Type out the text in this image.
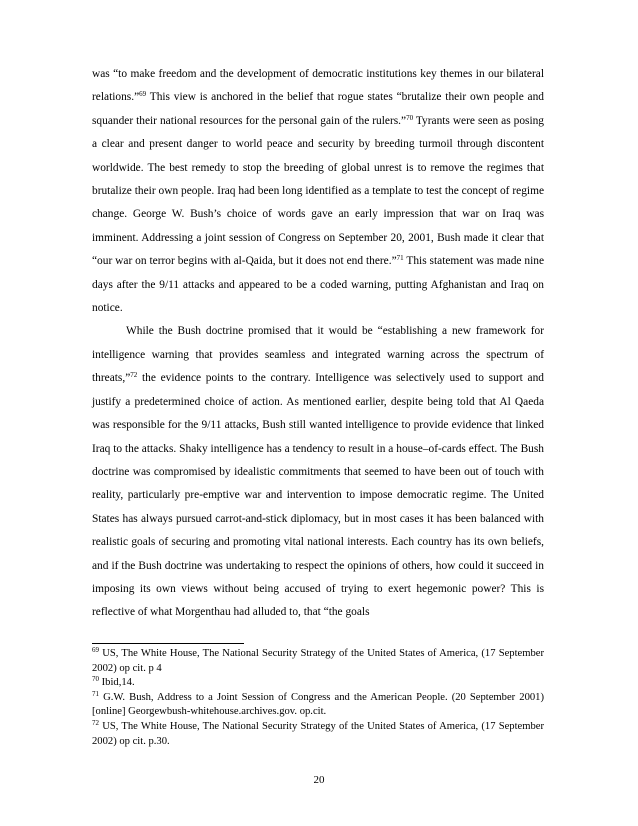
was “to make freedom and the development of democratic institutions key themes in our bilateral relations.”$^{69}$ This view is anchored in the belief that rogue states “brutalize their own people and squander their national resources for the personal gain of the rulers.”$^{70}$ Tyrants were seen as posing a clear and present danger to world peace and security by breeding turmoil through discontent worldwide. The best remedy to stop the breeding of global unrest is to remove the regimes that brutalize their own people. Iraq had been long identified as a template to test the concept of regime change. George W. Bush’s choice of words gave an early impression that war on Iraq was imminent. Addressing a joint session of Congress on September 20, 2001, Bush made it clear that “our war on terror begins with al-Qaida, but it does not end there.”$^{71}$ This statement was made nine days after the 9/11 attacks and appeared to be a coded warning, putting Afghanistan and Iraq on notice.

While the Bush doctrine promised that it would be “establishing a new framework for intelligence warning that provides seamless and integrated warning across the spectrum of threats,”$^{72}$ the evidence points to the contrary. Intelligence was selectively used to support and justify a predetermined choice of action. As mentioned earlier, despite being told that Al Qaeda was responsible for the 9/11 attacks, Bush still wanted intelligence to provide evidence that linked Iraq to the attacks. Shaky intelligence has a tendency to result in a house–of-cards effect. The Bush doctrine was compromised by idealistic commitments that seemed to have been out of touch with reality, particularly pre-emptive war and intervention to impose democratic regime. The United States has always pursued carrot-and-stick diplomacy, but in most cases it has been balanced with realistic goals of securing and promoting vital national interests. Each country has its own beliefs, and if the Bush doctrine was undertaking to respect the opinions of others, how could it succeed in imposing its own views without being accused of trying to exert hegemonic power? This is reflective of what Morgenthau had alluded to, that “the goals

$^{69}$ US, The White House, The National Security Strategy of the United States of America, (17 September 2002) op cit. p 4

$^{70}$ Ibid,14.

$^{71}$ G.W. Bush, Address to a Joint Session of Congress and the American People. (20 September 2001) [online] Georgewbush-whitehouse.archives.gov. op.cit.

$^{72}$ US, The White House, The National Security Strategy of the United States of America, (17 September 2002) op cit. p.30.

20
